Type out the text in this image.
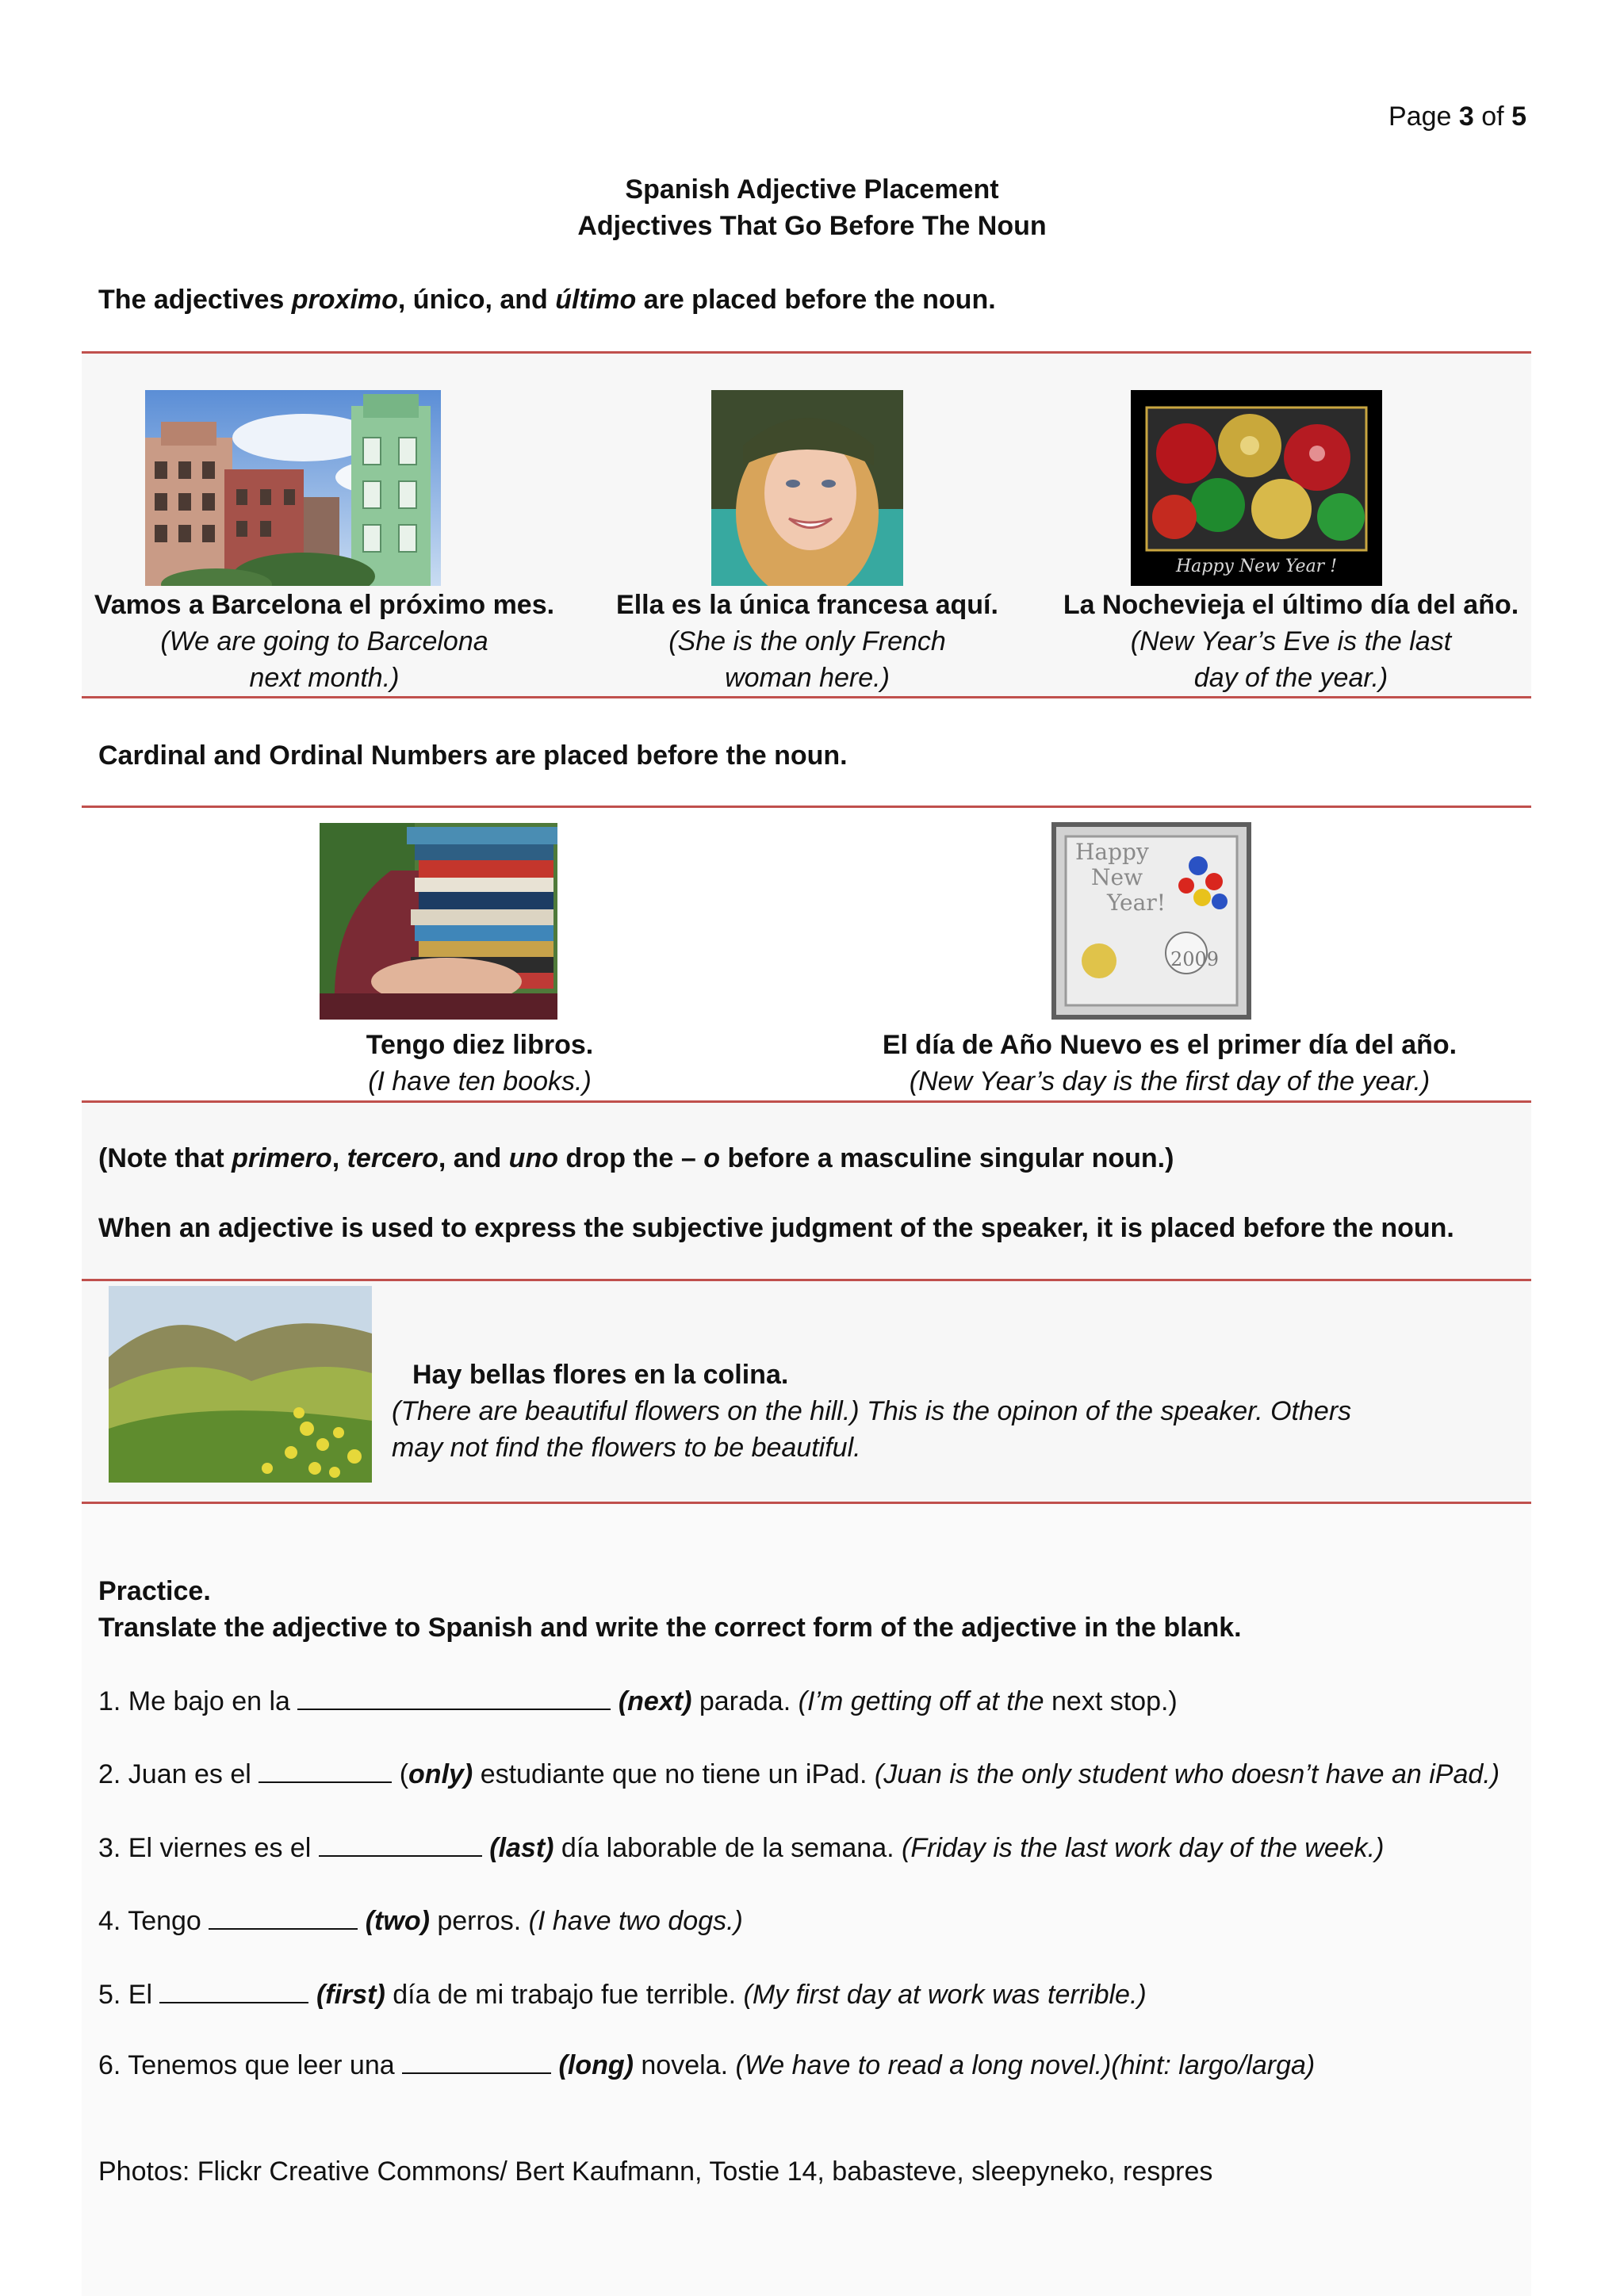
Page 3 of 5
Spanish Adjective Placement
Adjectives That Go Before The Noun
The adjectives proximo, único, and último are placed before the noun.
Happy New Year !
Vamos a Barcelona el próximo mes.
(We are going to Barcelona
next month.)
Ella es la única francesa aquí.
(She is the only French
woman here.)
La Nochevieja el último día del año.
(New Year’s Eve is the last
day of the year.)
Cardinal and Ordinal Numbers are placed before the noun.
Happy
New
Year!
2009
Tengo diez libros.
(I have ten books.)
El día de Año Nuevo es el primer día del año.
(New Year’s day is the first day of the year.)
(Note that primero, tercero, and uno drop the – o before a masculine singular noun.)
When an adjective is used to express the subjective judgment of the speaker, it is placed before the noun.
Hay bellas flores en la colina.
(There are beautiful flowers on the hill.) This is the opinon of the speaker. Others
may not find the flowers to be beautiful.
Practice.
Translate the adjective to Spanish and write the correct form of the adjective in the blank.
1. Me bajo en la	(next) parada. (I’m getting off at the next stop.)
2. Juan es el	(only) estudiante que no tiene un iPad. (Juan is the only student who doesn’t have an iPad.)
3. El viernes es el	(last) día laborable de la semana. (Friday is the last work day of the week.)
4. Tengo	(two) perros. (I have two dogs.)
5. El	(first) día de mi trabajo fue terrible. (My first day at work was terrible.)
6. Tenemos que leer una	(long) novela. (We have to read a long novel.)(hint: largo/larga)
Photos: Flickr Creative Commons/ Bert Kaufmann, Tostie 14, babasteve, sleepyneko, respres
